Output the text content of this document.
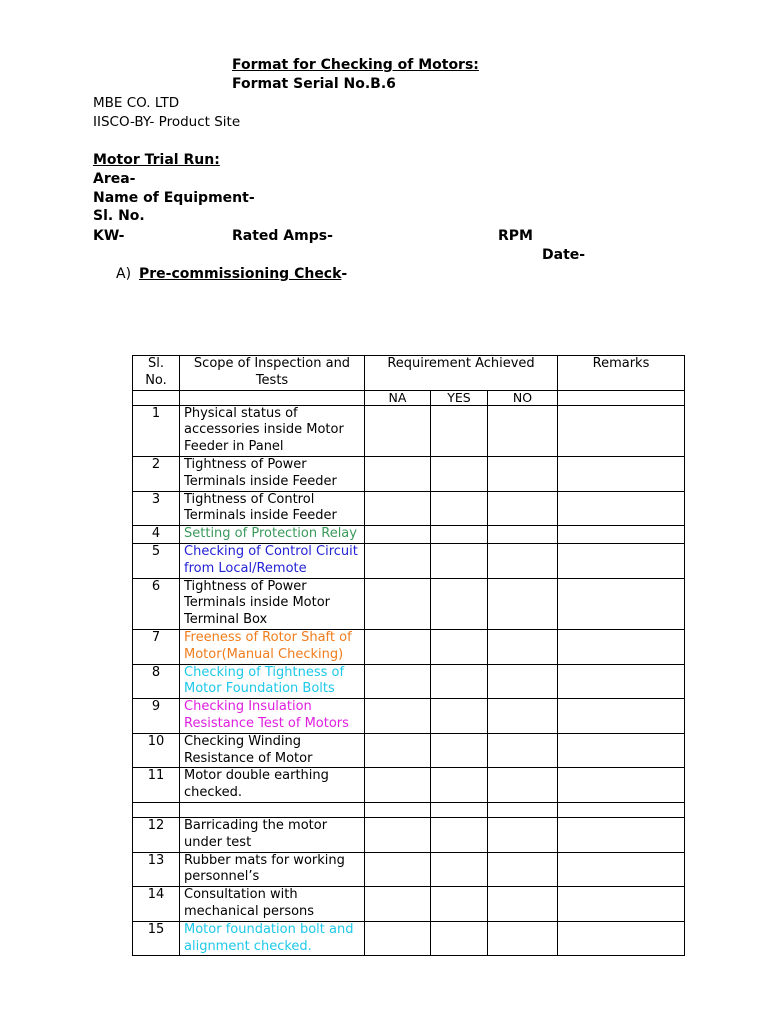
Format for Checking of Motors:
Format Serial No.B.6
MBE CO. LTD
IISCO-BY- Product Site
Motor Trial Run:
Area-
Name of Equipment-
Sl. No.
KW-	Rated Amps-	RPM
Date-
A) Pre-commissioning Check-
Sl.
No.	Scope of Inspection and Tests	Requirement Achieved			Remarks
		NA	YES	NO	
1	Physical status of accessories inside Motor Feeder in Panel				
2	Tightness of Power Terminals inside Feeder				
3	Tightness of Control Terminals inside Feeder				
4	Setting of Protection Relay				
5	Checking of Control Circuit from Local/Remote				
6	Tightness of Power Terminals inside Motor Terminal Box				
7	Freeness of Rotor Shaft of Motor(Manual Checking)				
8	Checking of Tightness of Motor Foundation Bolts				
9	Checking Insulation Resistance Test of Motors				
10	Checking Winding Resistance of Motor				
11	Motor double earthing checked.				

12	Barricading the motor under test				
13	Rubber mats for working personnel’s				
14	Consultation with mechanical persons				
15	Motor foundation bolt and alignment checked.				
